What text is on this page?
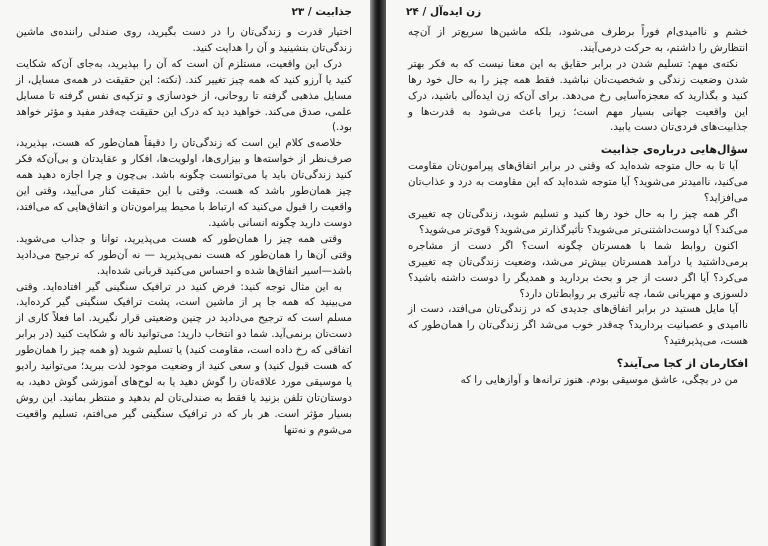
جذابیت / ۲۳

اختیار قدرت و زندگی‌تان را در دست بگیرید، روی صندلی راننده‌ی ماشین زندگی‌تان بنشینید و آن را هدایت کنید.

درک این واقعیت، مستلزم آن است که آن را بپذیرید، به‌جای آن‌که شکایت کنید یا آرزو کنید که همه چیز تغییر کند. (نکته: این حقیقت در همه‌ی مسایل، از مسایل مذهبی گرفته تا روحانی، از خودسازی و تزکیه‌ی نفس گرفته تا مسایل علمی، صدق می‌کند. خواهید دید که درک این حقیقت چه‌قدر مفید و مؤثر خواهد بود.)

خلاصه‌ی کلام این است که زندگی‌تان را دقیقاً همان‌طور که هست، بپذیرید، صرف‌نظر از خواسته‌ها و بیزاری‌ها، اولویت‌ها، افکار و عقایدتان و بی‌آن‌که فکر کنید زندگی‌تان باید یا می‌توانست چگونه باشد. بی‌چون و چرا اجازه دهید همه چیز همان‌طور باشد که هست. وقتی با این حقیقت کنار می‌آیید، وقتی این واقعیت را قبول می‌کنید که ارتباط با محیط پیرامون‌تان و اتفاق‌هایی که می‌افتد، دوست دارید چگونه انسانی باشید.

وقتی همه چیز را همان‌طور که هست می‌پذیرید، توانا و جذاب می‌شوید. وقتی آن‌ها را همان‌طور که هست نمی‌پذیرید — نه آن‌طور که ترجیح می‌دادید باشد—اسیر اتفاق‌ها شده و احساس می‌کنید قربانی شده‌اید.

به این مثال توجه کنید: فرض کنید در ترافیک سنگینی گیر افتاده‌اید. وقتی می‌بینید که همه جا پر از ماشین است، پشت ترافیک سنگینی گیر کرده‌اید. مسلم است که ترجیح می‌دادید در چنین وضعیتی قرار نگیرید. اما فعلاً کاری از دست‌تان برنمی‌آید. شما دو انتخاب دارید: می‌توانید ناله و شکایت کنید (در برابر اتفاقی که رخ داده است، مقاومت کنید) یا تسلیم شوید (و همه چیز را همان‌طور که هست قبول کنید) و سعی کنید از وضعیت موجود لذت ببرید؛ می‌توانید رادیو یا موسیقی مورد علاقه‌تان را گوش دهید یا به لوح‌های آموزشی گوش دهید، به دوستان‌تان تلفن بزنید یا فقط به صندلی‌تان لم بدهید و منتظر بمانید. این روش بسیار مؤثر است. هر بار که در ترافیک سنگینی گیر می‌افتم، تسلیم واقعیت می‌شوم و نه‌تنها

۲۴ / زن ایده‌آل

خشم و ناامیدی‌ام فوراً برطرف می‌شود، بلکه ماشین‌ها سریع‌تر از آن‌چه انتظارش را داشتم، به حرکت درمی‌آیند.

نکته‌ی مهم: تسلیم شدن در برابر حقایق به این معنا نیست که به فکر بهتر شدن وضعیت زندگی و شخصیت‌تان نباشید. فقط همه چیز را به حال خود رها کنید و بگذارید که معجزه‌آسایی رخ می‌دهد. برای آن‌که زن ایده‌آلی باشید، درک این واقعیت جهانی بسیار مهم است؛ زیرا باعث می‌شود به قدرت‌ها و جذابیت‌های فردی‌تان دست یابید.

سؤال‌هایی درباره‌ی جذابیت

آیا تا به حال متوجه شده‌اید که وقتی در برابر اتفاق‌های پیرامون‌تان مقاومت می‌کنید، ناامیدتر می‌شوید؟ آیا متوجه شده‌اید که این مقاومت به درد و عذاب‌تان می‌افزاید؟

اگر همه چیز را به حال خود رها کنید و تسلیم شوید، زندگی‌تان چه تغییری می‌کند؟ آیا دوست‌داشتنی‌تر می‌شوید؟ تأثیرگذارتر می‌شوید؟ قوی‌تر می‌شوید؟

اکنون روابط شما با همسرتان چگونه است؟ اگر دست از مشاجره برمی‌داشتید یا درآمد همسرتان بیش‌تر می‌شد، وضعیت زندگی‌تان چه تغییری می‌کرد؟ آیا اگر دست از جر و بحث بردارید و همدیگر را دوست داشته باشید؟ دلسوزی و مهربانی شما، چه تأثیری بر روابط‌تان دارد؟

آیا مایل هستید در برابر اتفاق‌های جدیدی که در زندگی‌تان می‌افتد، دست از ناامیدی و عصبانیت بردارید؟ چه‌قدر خوب می‌شد اگر زندگی‌تان را همان‌طور که هست، می‌پذیرفتید؟

افکارمان از کجا می‌آیند؟

من در بچگی، عاشق موسیقی بودم. هنوز ترانه‌ها و آوازهایی را که
